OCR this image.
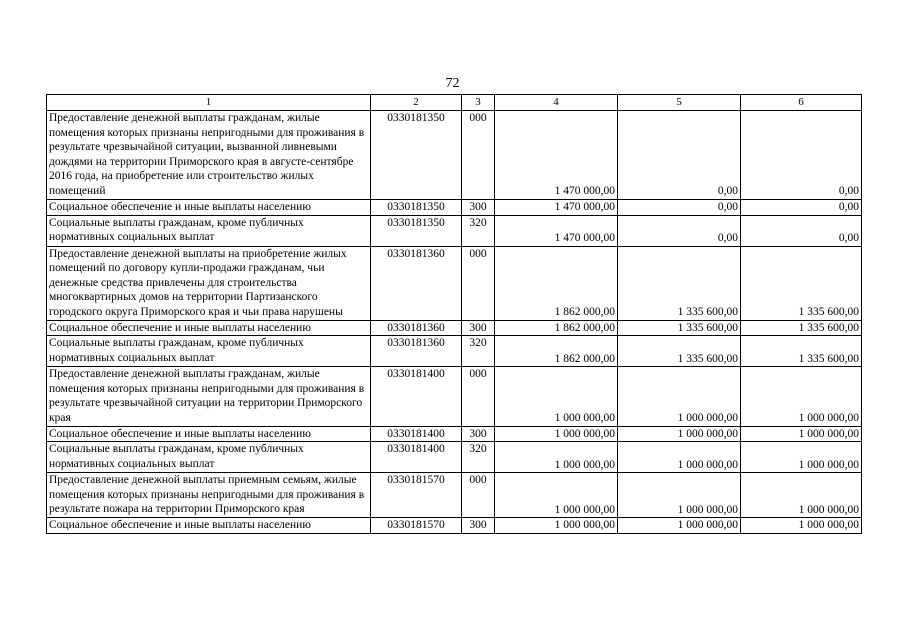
72
1	2	3	4	5	6
Предоставление денежной выплаты гражданам, жилые помещения которых признаны непригодными для проживания в результате чрезвычайной ситуации, вызванной ливневыми дождями на территории Приморского края в августе-сентябре 2016 года, на приобретение или строительство жилых помещений	0330181350	000	1 470 000,00	0,00	0,00
Социальное обеспечение и иные выплаты населению	0330181350	300	1 470 000,00	0,00	0,00
Социальные выплаты гражданам, кроме публичных нормативных социальных выплат	0330181350	320	1 470 000,00	0,00	0,00
Предоставление денежной выплаты на приобретение жилых помещений по договору купли-продажи гражданам, чьи денежные средства привлечены для строительства многоквартирных домов на территории Партизанского городского округа Приморского края и чьи права нарушены	0330181360	000	1 862 000,00	1 335 600,00	1 335 600,00
Социальное обеспечение и иные выплаты населению	0330181360	300	1 862 000,00	1 335 600,00	1 335 600,00
Социальные выплаты гражданам, кроме публичных нормативных социальных выплат	0330181360	320	1 862 000,00	1 335 600,00	1 335 600,00
Предоставление денежной выплаты гражданам, жилые помещения которых признаны непригодными для проживания в результате чрезвычайной ситуации на территории Приморского края	0330181400	000	1 000 000,00	1 000 000,00	1 000 000,00
Социальное обеспечение и иные выплаты населению	0330181400	300	1 000 000,00	1 000 000,00	1 000 000,00
Социальные выплаты гражданам, кроме публичных нормативных социальных выплат	0330181400	320	1 000 000,00	1 000 000,00	1 000 000,00
Предоставление денежной выплаты приемным семьям, жилые помещения которых признаны непригодными для проживания в результате пожара на территории Приморского края	0330181570	000	1 000 000,00	1 000 000,00	1 000 000,00
Социальное обеспечение и иные выплаты населению	0330181570	300	1 000 000,00	1 000 000,00	1 000 000,00
